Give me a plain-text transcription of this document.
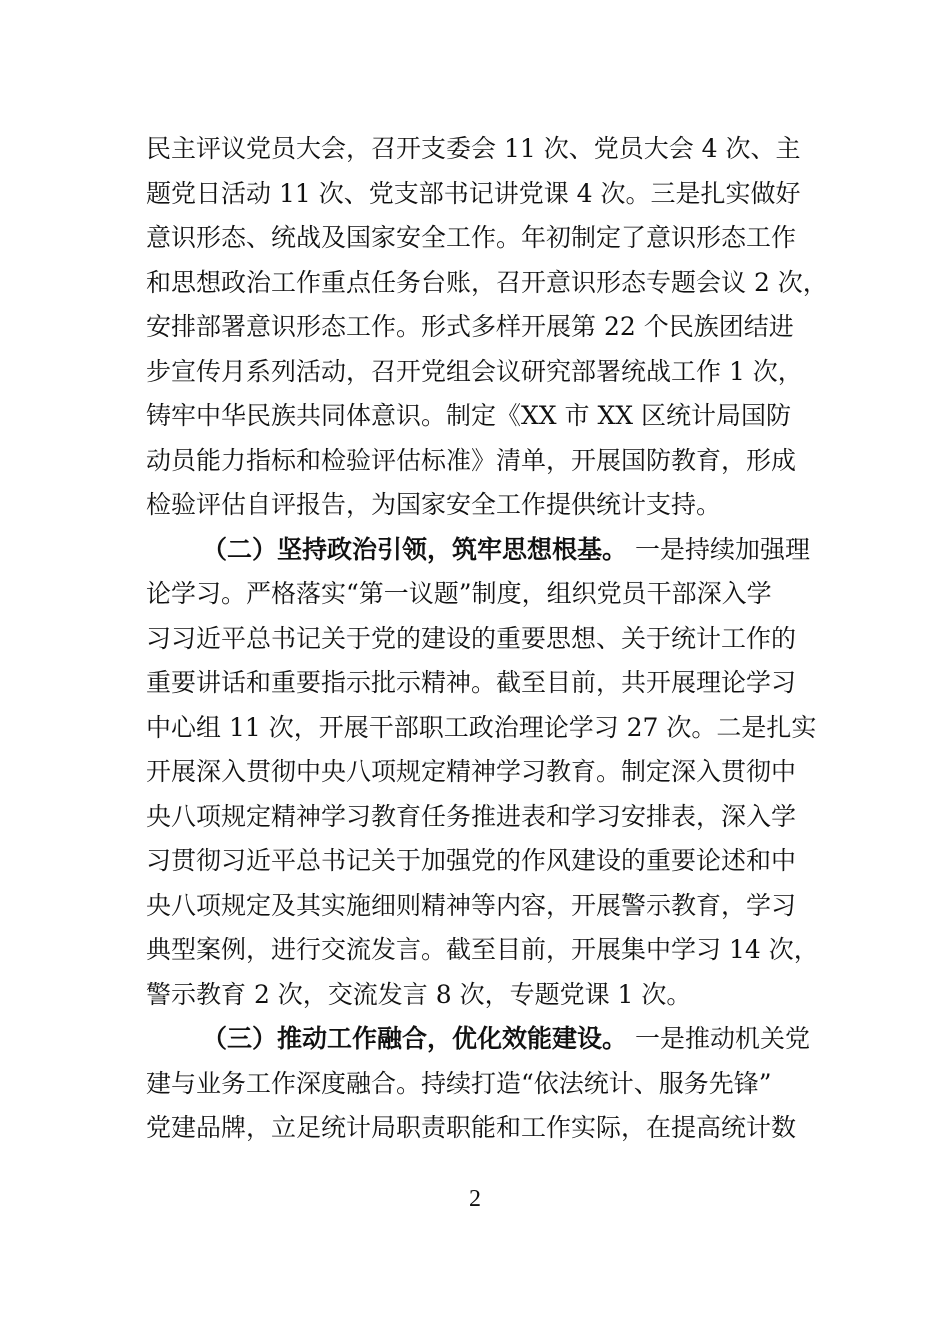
民主评议党员大会，召开支委会 11 次、党员大会 4 次、主
题党日活动 11 次、党支部书记讲党课 4 次。三是扎实做好
意识形态、统战及国家安全工作。年初制定了意识形态工作
和思想政治工作重点任务台账，召开意识形态专题会议 2 次，
安排部署意识形态工作。形式多样开展第 22 个民族团结进
步宣传月系列活动，召开党组会议研究部署统战工作 1 次，
铸牢中华民族共同体意识。制定《XX 市 XX 区统计局国防
动员能力指标和检验评估标准》清单，开展国防教育，形成
检验评估自评报告，为国家安全工作提供统计支持。
（二）坚持政治引领，筑牢思想根基。 一是持续加强理
论学习。严格落实“第一议题”制度，组织党员干部深入学
习习近平总书记关于党的建设的重要思想、关于统计工作的
重要讲话和重要指示批示精神。截至目前，共开展理论学习
中心组 11 次，开展干部职工政治理论学习 27 次。二是扎实
开展深入贯彻中央八项规定精神学习教育。制定深入贯彻中
央八项规定精神学习教育任务推进表和学习安排表，深入学
习贯彻习近平总书记关于加强党的作风建设的重要论述和中
央八项规定及其实施细则精神等内容，开展警示教育，学习
典型案例，进行交流发言。截至目前，开展集中学习 14 次，
警示教育 2 次，交流发言 8 次，专题党课 1 次。
（三）推动工作融合，优化效能建设。 一是推动机关党
建与业务工作深度融合。持续打造“依法统计、服务先锋”
党建品牌，立足统计局职责职能和工作实际，在提高统计数
2
